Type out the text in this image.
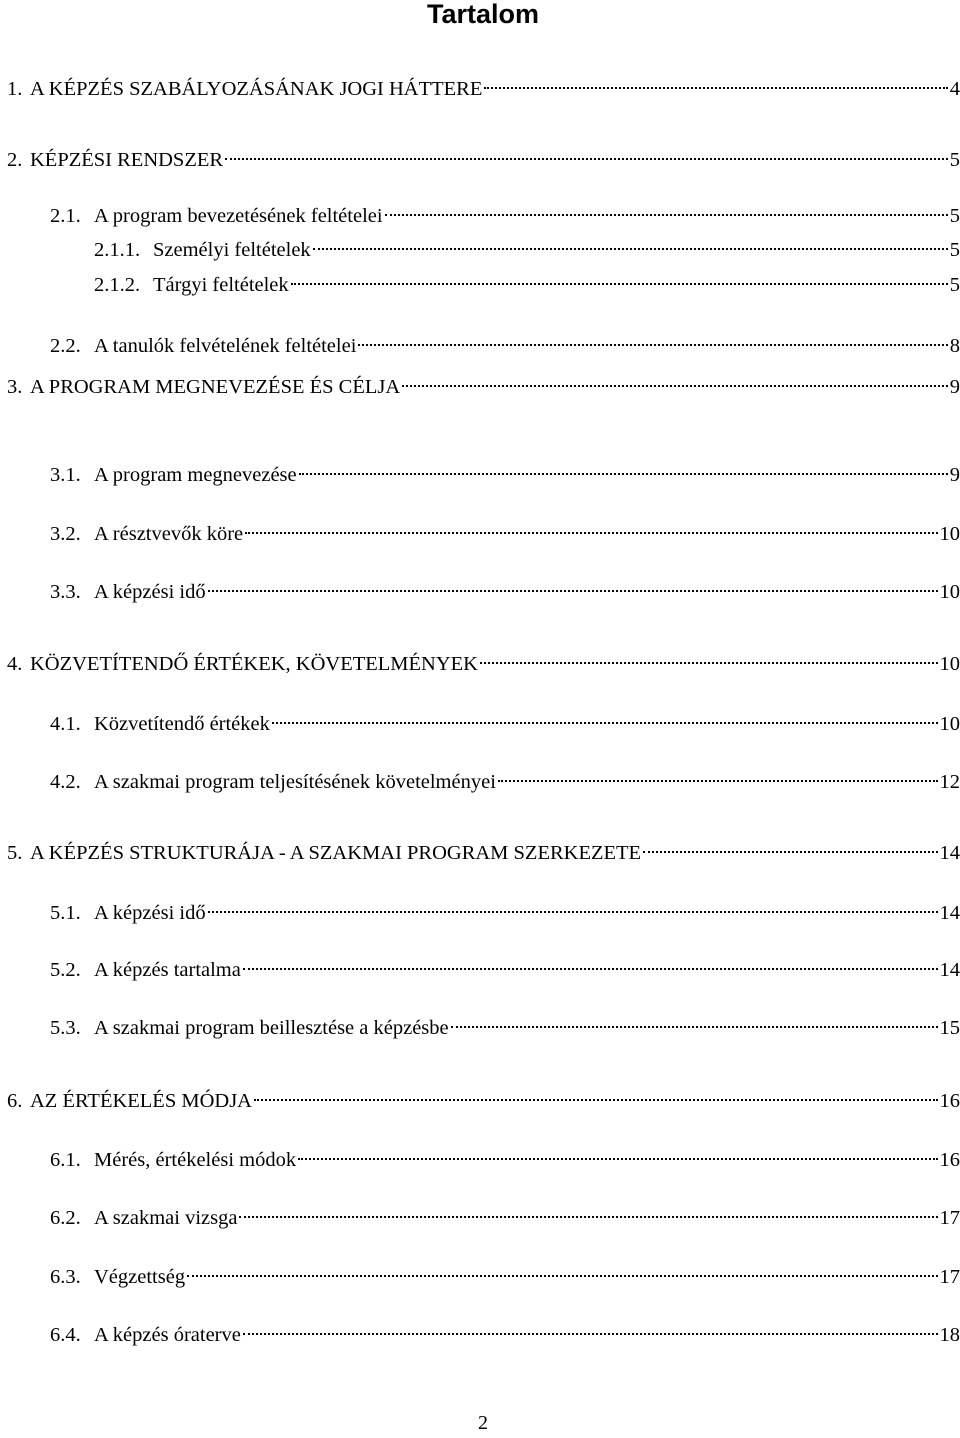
Tartalom
1. A KÉPZÉS SZABÁLYOZÁSÁNAK JOGI HÁTTERE	4
2. KÉPZÉSI RENDSZER	5
2.1. A program bevezetésének feltételei	5
2.1.1. Személyi feltételek	5
2.1.2. Tárgyi feltételek	5
2.2. A tanulók felvételének feltételei	8
3. A PROGRAM MEGNEVEZÉSE ÉS CÉLJA	9
3.1. A program megnevezése	9
3.2. A résztvevők köre	10
3.3. A képzési idő	10
4. KÖZVETÍTENDŐ ÉRTÉKEK, KÖVETELMÉNYEK	10
4.1. Közvetítendő értékek	10
4.2. A szakmai program teljesítésének követelményei	12
5. A KÉPZÉS STRUKTURÁJA - A SZAKMAI PROGRAM SZERKEZETE	14
5.1. A képzési idő	14
5.2. A képzés tartalma	14
5.3. A szakmai program beillesztése a képzésbe	15
6. AZ ÉRTÉKELÉS MÓDJA	16
6.1. Mérés, értékelési módok	16
6.2. A szakmai vizsga	17
6.3. Végzettség	17
6.4. A képzés óraterve	18
2
